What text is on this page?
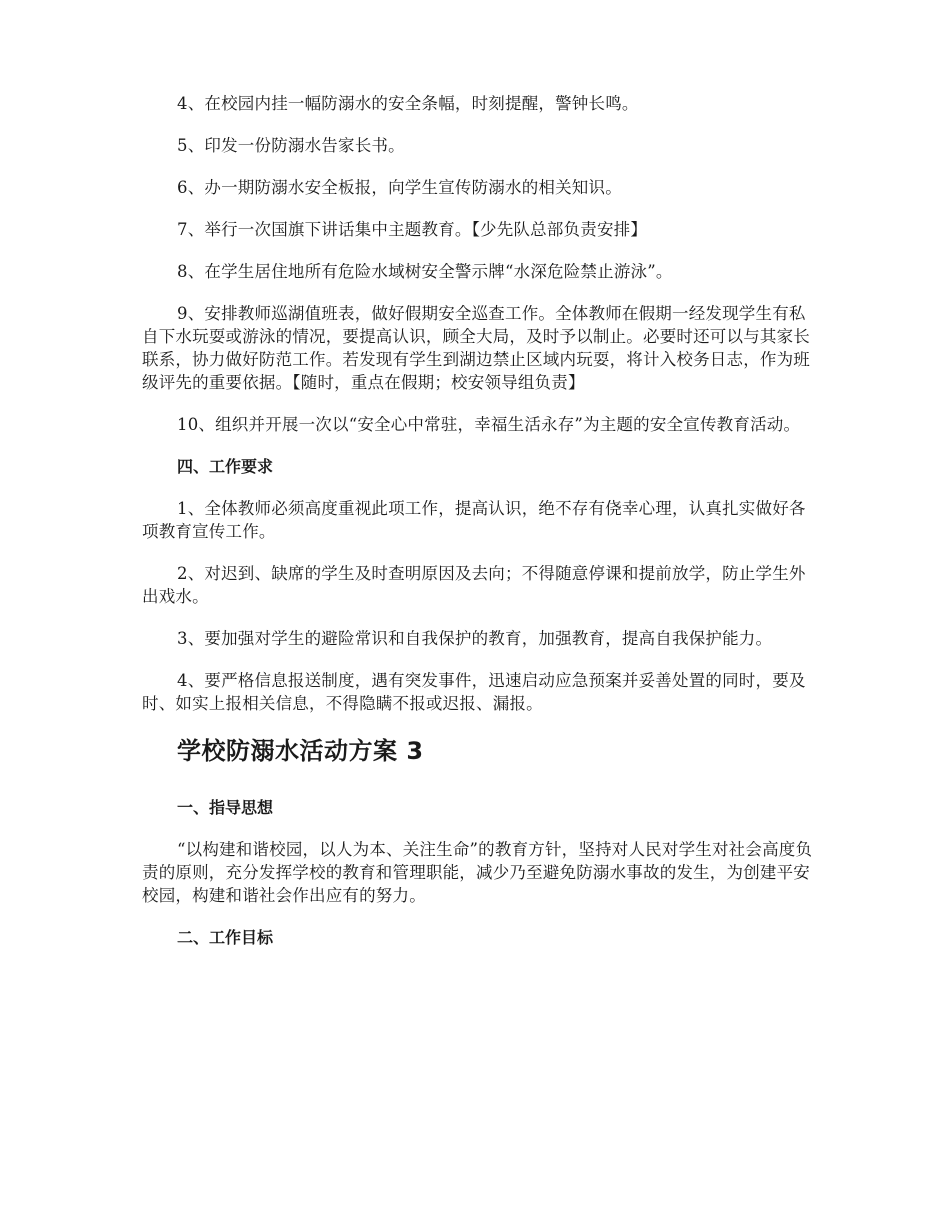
4、在校园内挂一幅防溺水的安全条幅，时刻提醒，警钟长鸣。

5、印发一份防溺水告家长书。

6、办一期防溺水安全板报，向学生宣传防溺水的相关知识。

7、举行一次国旗下讲话集中主题教育。【少先队总部负责安排】

8、在学生居住地所有危险水域树安全警示牌“水深危险禁止游泳”。

9、安排教师巡湖值班表，做好假期安全巡查工作。全体教师在假期一经发现学生有私自下水玩耍或游泳的情况，要提高认识，顾全大局，及时予以制止。必要时还可以与其家长联系，协力做好防范工作。若发现有学生到湖边禁止区域内玩耍，将计入校务日志，作为班级评先的重要依据。【随时，重点在假期；校安领导组负责】

10、组织并开展一次以“安全心中常驻，幸福生活永存”为主题的安全宣传教育活动。

四、工作要求

1、全体教师必须高度重视此项工作，提高认识，绝不存有侥幸心理，认真扎实做好各项教育宣传工作。

2、对迟到、缺席的学生及时查明原因及去向；不得随意停课和提前放学，防止学生外出戏水。

3、要加强对学生的避险常识和自我保护的教育，加强教育，提高自我保护能力。

4、要严格信息报送制度，遇有突发事件，迅速启动应急预案并妥善处置的同时，要及时、如实上报相关信息，不得隐瞒不报或迟报、漏报。

学校防溺水活动方案 3

一、指导思想

“以构建和谐校园，以人为本、关注生命”的教育方针，坚持对人民对学生对社会高度负责的原则，充分发挥学校的教育和管理职能，减少乃至避免防溺水事故的发生，为创建平安校园，构建和谐社会作出应有的努力。

二、工作目标
